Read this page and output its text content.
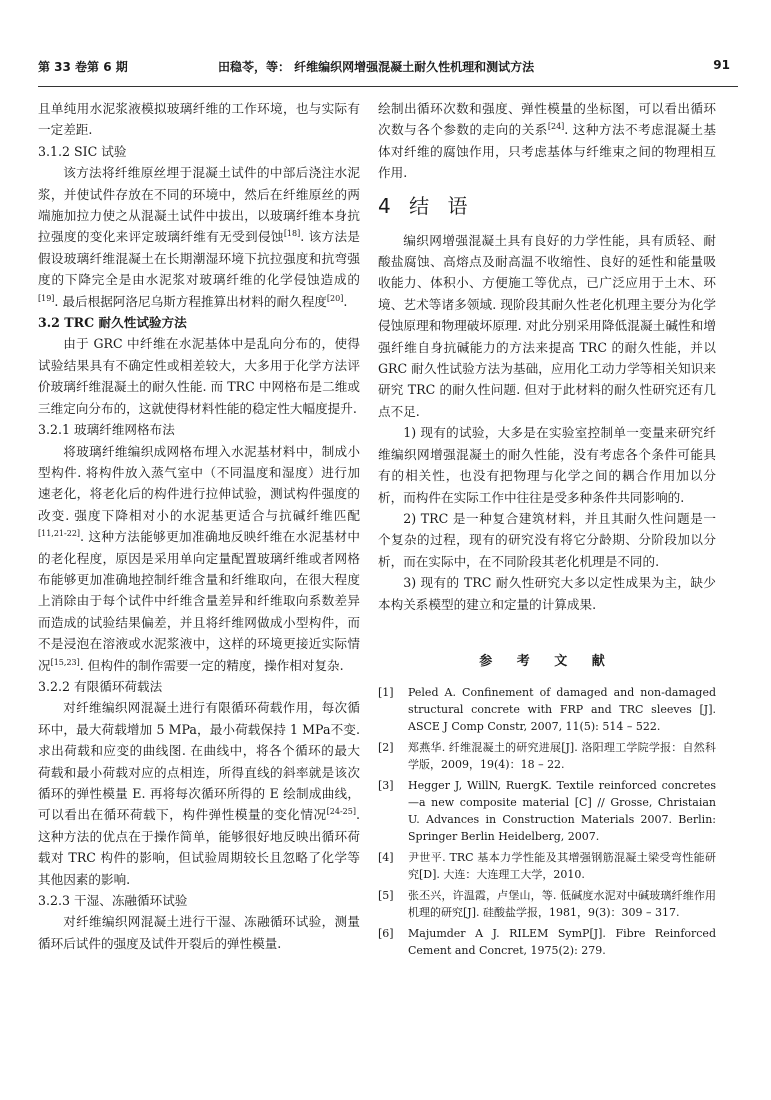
第 33 卷第 6 期	田稳苓，等： 纤维编织网增强混凝土耐久性机理和测试方法	91

且单纯用水泥浆液模拟玻璃纤维的工作环境，也与实际有一定差距.

3.1.2 SIC 试验

该方法将纤维原丝埋于混凝土试件的中部后浇注水泥浆，并使试件存放在不同的环境中，然后在纤维原丝的两端施加拉力使之从混凝土试件中拔出，以玻璃纤维本身抗拉强度的变化来评定玻璃纤维有无受到侵蚀[18]. 该方法是假设玻璃纤维混凝土在长期潮湿环境下抗拉强度和抗弯强度的下降完全是由水泥浆对玻璃纤维的化学侵蚀造成的[19]. 最后根据阿洛尼乌斯方程推算出材料的耐久程度[20].

3.2 TRC 耐久性试验方法

由于 GRC 中纤维在水泥基体中是乱向分布的，使得试验结果具有不确定性或相差较大，大多用于化学方法评价玻璃纤维混凝土的耐久性能. 而 TRC 中网格布是二维或三维定向分布的，这就使得材料性能的稳定性大幅度提升.

3.2.1 玻璃纤维网格布法

将玻璃纤维编织成网格布埋入水泥基材料中，制成小型构件. 将构件放入蒸气室中（不同温度和湿度）进行加速老化，将老化后的构件进行拉伸试验，测试构件强度的改变. 强度下降相对小的水泥基更适合与抗碱纤维匹配[11,21-22]. 这种方法能够更加准确地反映纤维在水泥基材中的老化程度，原因是采用单向定量配置玻璃纤维或者网格布能够更加准确地控制纤维含量和纤维取向，在很大程度上消除由于每个试件中纤维含量差异和纤维取向系数差异而造成的试验结果偏差，并且将纤维网做成小型构件，而不是浸泡在溶液或水泥浆液中，这样的环境更接近实际情况[15,23]. 但构件的制作需要一定的精度，操作相对复杂.

3.2.2 有限循环荷载法

对纤维编织网混凝土进行有限循环荷载作用，每次循环中，最大荷载增加 5 MPa，最小荷载保持 1 MPa不变. 求出荷载和应变的曲线图. 在曲线中，将各个循环的最大荷载和最小荷载对应的点相连，所得直线的斜率就是该次循环的弹性模量 E. 再将每次循环所得的 E 绘制成曲线，可以看出在循环荷载下，构件弹性模量的变化情况[24-25]. 这种方法的优点在于操作简单，能够很好地反映出循环荷载对 TRC 构件的影响，但试验周期较长且忽略了化学等其他因素的影响.

3.2.3 干湿、冻融循环试验

对纤维编织网混凝土进行干湿、冻融循环试验，测量循环后试件的强度及试件开裂后的弹性模量.

绘制出循环次数和强度、弹性模量的坐标图，可以看出循环次数与各个参数的走向的关系[24]. 这种方法不考虑混凝土基体对纤维的腐蚀作用，只考虑基体与纤维束之间的物理相互作用.

4 结 语

编织网增强混凝土具有良好的力学性能，具有质轻、耐酸盐腐蚀、高熔点及耐高温不收缩性、良好的延性和能量吸收能力、体积小、方便施工等优点，已广泛应用于土木、环境、艺术等诸多领域. 现阶段其耐久性老化机理主要分为化学侵蚀原理和物理破坏原理. 对此分别采用降低混凝土碱性和增强纤维自身抗碱能力的方法来提高 TRC 的耐久性能，并以 GRC 耐久性试验方法为基础，应用化工动力学等相关知识来研究 TRC 的耐久性问题. 但对于此材料的耐久性研究还有几点不足.

1) 现有的试验，大多是在实验室控制单一变量来研究纤维编织网增强混凝土的耐久性能，没有考虑各个条件可能具有的相关性，也没有把物理与化学之间的耦合作用加以分析，而构件在实际工作中往往是受多种条件共同影响的.

2) TRC 是一种复合建筑材料，并且其耐久性问题是一个复杂的过程，现有的研究没有将它分龄期、分阶段加以分析，而在实际中，在不同阶段其老化机理是不同的.

3) 现有的 TRC 耐久性研究大多以定性成果为主，缺少本构关系模型的建立和定量的计算成果.

参 考 文 献
[1]	Peled A. Confinement of damaged and non-damaged structural concrete with FRP and TRC sleeves [J]. ASCE J Comp Constr, 2007, 11(5): 514 – 522.
[2]	郑燕华. 纤维混凝土的研究进展[J]. 洛阳理工学院学报：自然科学版，2009，19(4)：18 – 22.
[3]	Hegger J, WillN, RuergK. Textile reinforced concretes—a new composite material [C] // Grosse, Christaian U. Advances in Construction Materials 2007. Berlin: Springer Berlin Heidelberg, 2007.
[4]	尹世平. TRC 基本力学性能及其增强钢筋混凝土梁受弯性能研究[D]. 大连：大连理工大学，2010.
[5]	张丕兴，许温霞，卢堡山，等. 低碱度水泥对中碱玻璃纤维作用机理的研究[J]. 硅酸盐学报，1981，9(3)：309 – 317.
[6]	Majumder A J. RILEM SymP[J]. Fibre Reinforced Cement and Concret, 1975(2): 279.
